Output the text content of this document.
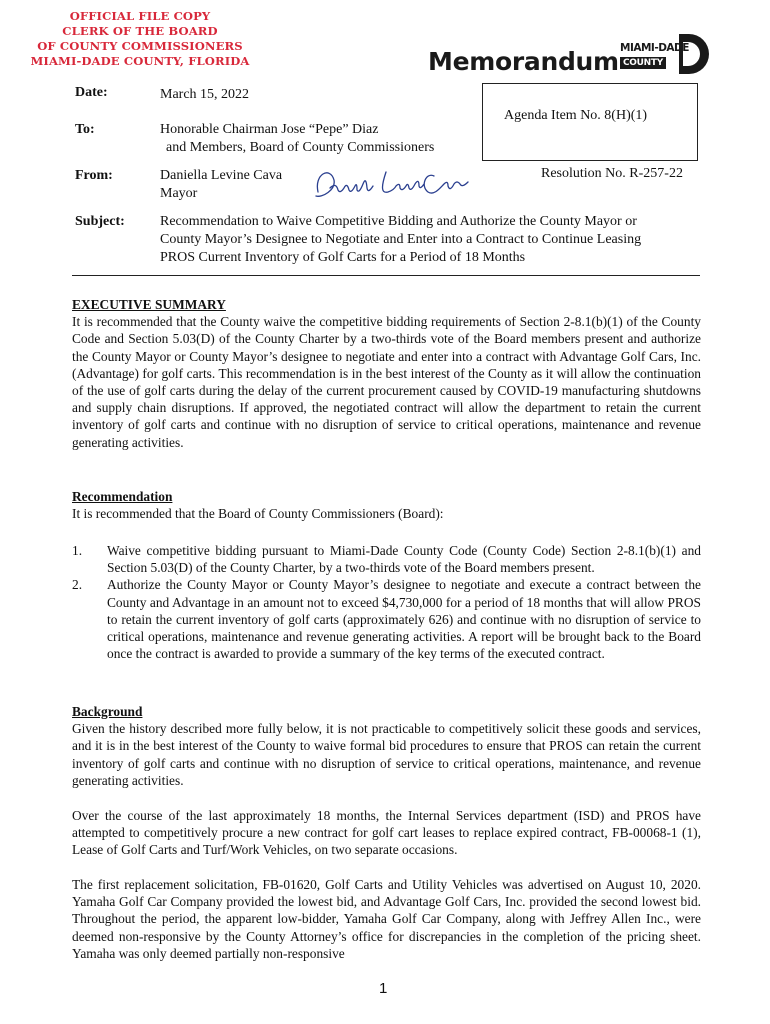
OFFICIAL FILE COPY
CLERK OF THE BOARD
OF COUNTY COMMISSIONERS
MIAMI-DADE COUNTY, FLORIDA	Memorandum MIAMI-DADE
COUNTY
Date:	March 15, 2022
To:	Honorable Chairman Jose “Pepe” Diaz
and Members, Board of County Commissioners
From:	Daniella Levine Cava
Mayor
Subject:	Recommendation to Waive Competitive Bidding and Authorize the County Mayor or
County Mayor’s Designee to Negotiate and Enter into a Contract to Continue Leasing
PROS Current Inventory of Golf Carts for a Period of 18 Months
Agenda Item No. 8(H)(1)
Resolution No. R-257-22

EXECUTIVE SUMMARY

It is recommended that the County waive the competitive bidding requirements of Section 2-8.1(b)(1) of the County Code and Section 5.03(D) of the County Charter by a two-thirds vote of the Board members present and authorize the County Mayor or County Mayor’s designee to negotiate and enter into a contract with Advantage Golf Cars, Inc. (Advantage) for golf carts. This recommendation is in the best interest of the County as it will allow the continuation of the use of golf carts during the delay of the current procurement caused by COVID-19 manufacturing shutdowns and supply chain disruptions. If approved, the negotiated contract will allow the department to retain the current inventory of golf carts and continue with no disruption of service to critical operations, maintenance and revenue generating activities.

Recommendation

It is recommended that the Board of County Commissioners (Board):

1.	Waive competitive bidding pursuant to Miami-Dade County Code (County Code) Section 2-8.1(b)(1) and Section 5.03(D) of the County Charter, by a two-thirds vote of the Board members present.
2.	Authorize the County Mayor or County Mayor’s designee to negotiate and execute a contract between the County and Advantage in an amount not to exceed $4,730,000 for a period of 18 months that will allow PROS to retain the current inventory of golf carts (approximately 626) and continue with no disruption of service to critical operations, maintenance and revenue generating activities. A report will be brought back to the Board once the contract is awarded to provide a summary of the key terms of the executed contract.

Background

Given the history described more fully below, it is not practicable to competitively solicit these goods and services, and it is in the best interest of the County to waive formal bid procedures to ensure that PROS can retain the current inventory of golf carts and continue with no disruption of service to critical operations, maintenance, and revenue generating activities.

Over the course of the last approximately 18 months, the Internal Services department (ISD) and PROS have attempted to competitively procure a new contract for golf cart leases to replace expired contract, FB-00068-1 (1), Lease of Golf Carts and Turf/Work Vehicles, on two separate occasions.
The first replacement solicitation, FB-01620, Golf Carts and Utility Vehicles was advertised on August 10, 2020. Yamaha Golf Car Company provided the lowest bid, and Advantage Golf Cars, Inc. provided the second lowest bid. Throughout the period, the apparent low-bidder, Yamaha Golf Car Company, along with Jeffrey Allen Inc., were deemed non-responsive by the County Attorney’s office for discrepancies in the completion of the pricing sheet. Yamaha was only deemed partially non-responsive
1
